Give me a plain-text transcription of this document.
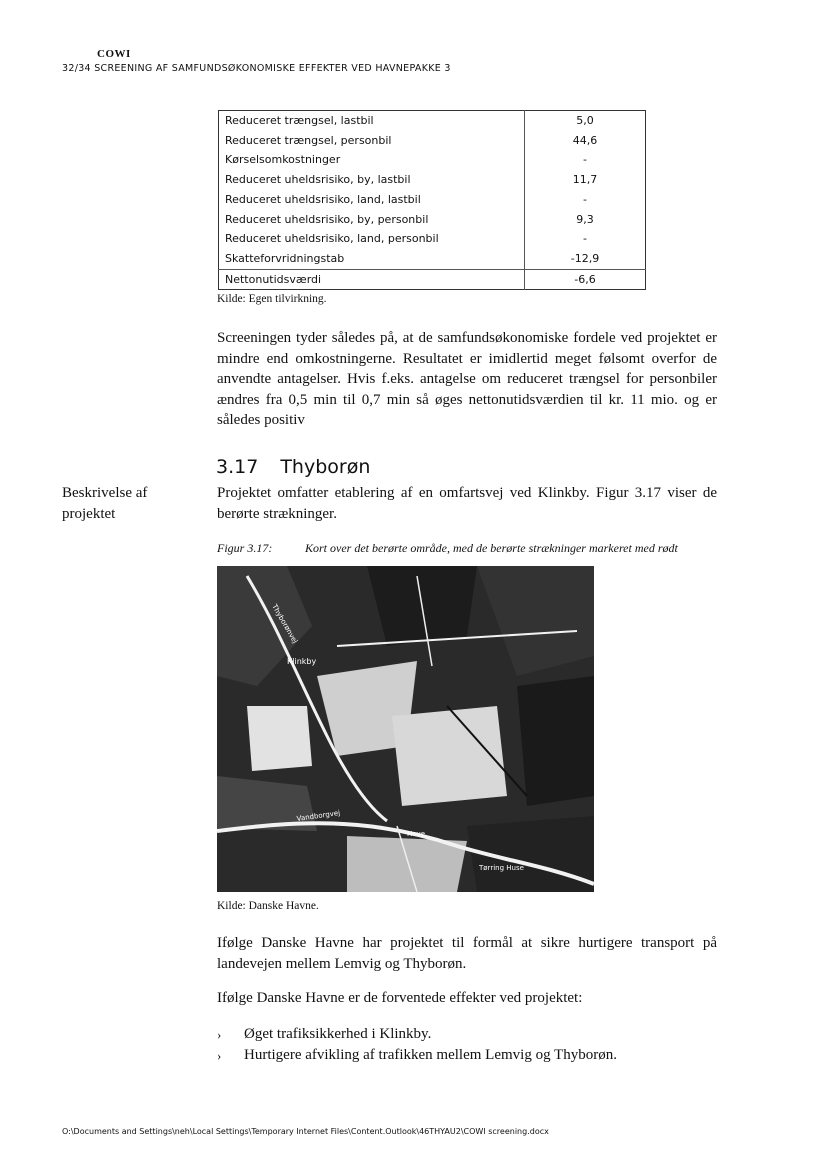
COWI
32/34 SCREENING AF SAMFUNDSØKONOMISKE EFFEKTER VED HAVNEPAKKE 3
Reduceret trængsel, lastbil	5,0
Reduceret trængsel, personbil	44,6
Kørselsomkostninger	-
Reduceret uheldsrisiko, by, lastbil	11,7
Reduceret uheldsrisiko, land, lastbil	-
Reduceret uheldsrisiko, by, personbil	9,3
Reduceret uheldsrisiko, land, personbil	-
Skatteforvridningstab	-12,9
Nettonutidsværdi	-6,6
Kilde: Egen tilvirkning.
Screeningen tyder således på, at de samfundsøkonomiske fordele ved projektet er mindre end omkostningerne. Resultatet er imidlertid meget følsomt overfor de anvendte antagelser. Hvis f.eks. antagelse om reduceret trængsel for personbiler ændres fra 0,5 min til 0,7 min så øges nettonutidsværdien til kr. 11 mio. og er således positiv
3.17 Thyborøn
Beskrivelse af projektet
Projektet omfatter etablering af en omfartsvej ved Klinkby. Figur 3.17 viser de berørte strækninger.
Figur 3.17:	Kort over det berørte område, med de berørte strækninger markeret med rødt
Klinkby
Vandborgvej
Hove
Tørring Huse
Thyborønvej
Kilde: Danske Havne.
Ifølge Danske Havne har projektet til formål at sikre hurtigere transport på landevejen mellem Lemvig og Thyborøn.
Ifølge Danske Havne er de forventede effekter ved projektet:
›	Øget trafiksikkerhed i Klinkby.
›	Hurtigere afvikling af trafikken mellem Lemvig og Thyborøn.
O:\Documents and Settings\neh\Local Settings\Temporary Internet Files\Content.Outlook\46THYAU2\COWI screening.docx
